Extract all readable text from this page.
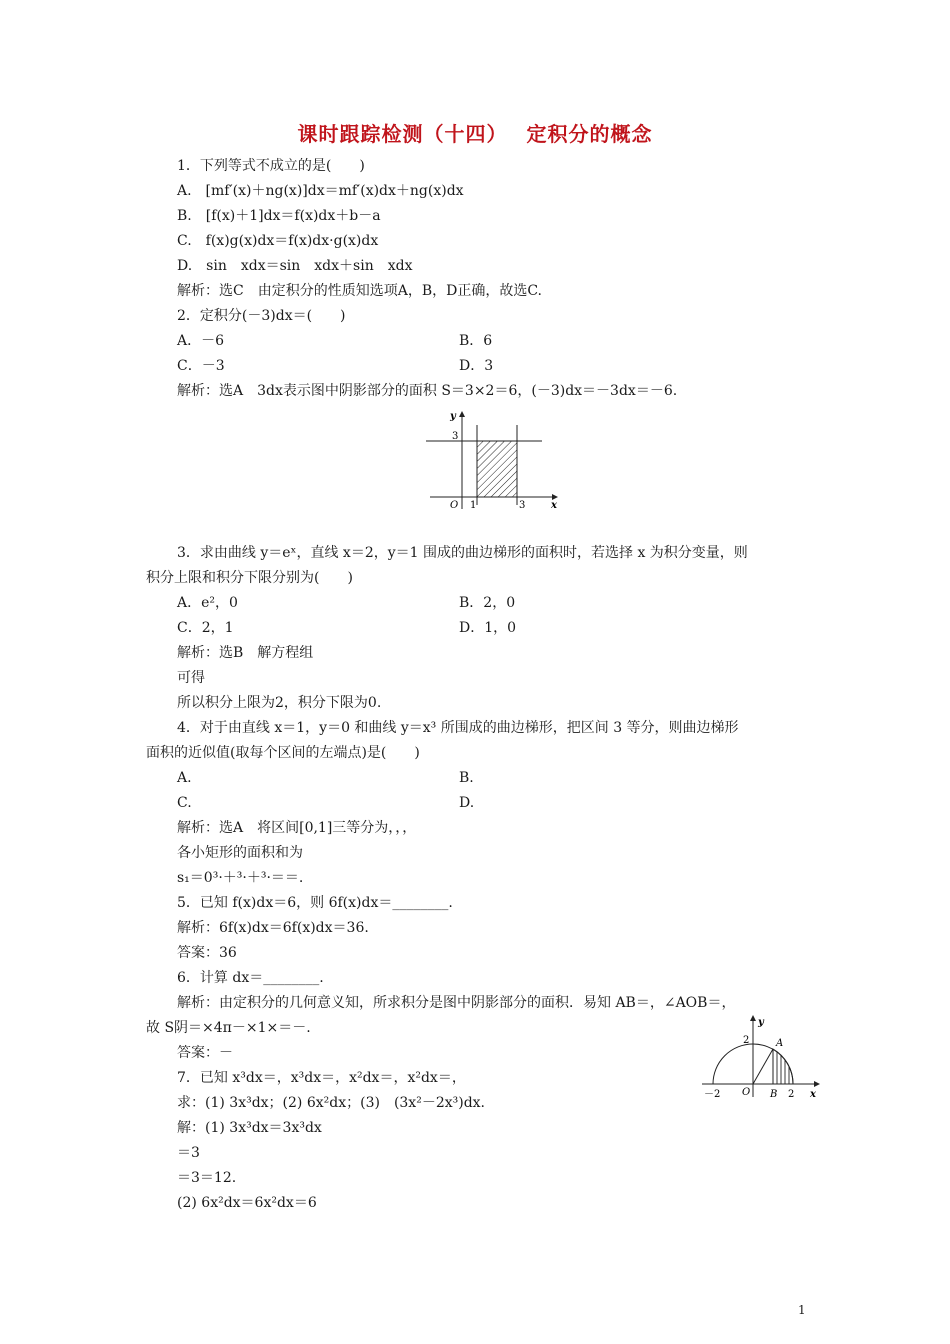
课时跟踪检测（十四）　 定积分的概念
1．下列等式不成立的是(　　)
A.　[mf′(x)＋ng(x)]dx＝mf′(x)dx＋ng(x)dx
B.　[f(x)＋1]dx＝f(x)dx＋b－a
C.　f(x)g(x)dx＝f(x)dx·g(x)dx
D.　sin　xdx＝sin　xdx＋sin　xdx
解析：选C　由定积分的性质知选项A，B，D正确，故选C.
2．定积分(－3)dx＝(　　)
A．－6	B．6
C．－3	D．3
解析：选A　3dx表示图中阴影部分的面积 S＝3×2＝6，(－3)dx＝－3dx＝－6.
y
x
O 1	3
3
3．求由曲线 y＝eˣ，直线 x＝2，y＝1 围成的曲边梯形的面积时，若选择 x 为积分变量，则
积分上限和积分下限分别为(　　)
A．e²，0	B．2，0
C．2，1	D．1，0
解析：选B　解方程组
可得
所以积分上限为2，积分下限为0.
4．对于由直线 x＝1，y＝0 和曲线 y＝x³ 所围成的曲边梯形，把区间 3 等分，则曲边梯形
面积的近似值(取每个区间的左端点)是(　　)
A.	B.
C.	D.
解析：选A　将区间[0,1]三等分为，，，
各小矩形的面积和为
s₁＝0³·＋³·＋³·＝＝.
5．已知 f(x)dx＝6，则 6f(x)dx＝________.
解析：6f(x)dx＝6f(x)dx＝36.
答案：36
6．计算 dx＝________.
解析：由定积分的几何意义知，所求积分是图中阴影部分的面积．易知 AB＝，∠AOB＝，
故 S阴＝×4π－×1×＝－.
答案：－
y
x
O
A
B
－2	2
2
7．已知 x³dx＝，x³dx＝，x²dx＝，x²dx＝，
求：(1) 3x³dx；(2) 6x²dx；(3)　(3x²－2x³)dx.
解：(1) 3x³dx＝3x³dx
＝3
＝3＝12.
(2) 6x²dx＝6x²dx＝6
1
